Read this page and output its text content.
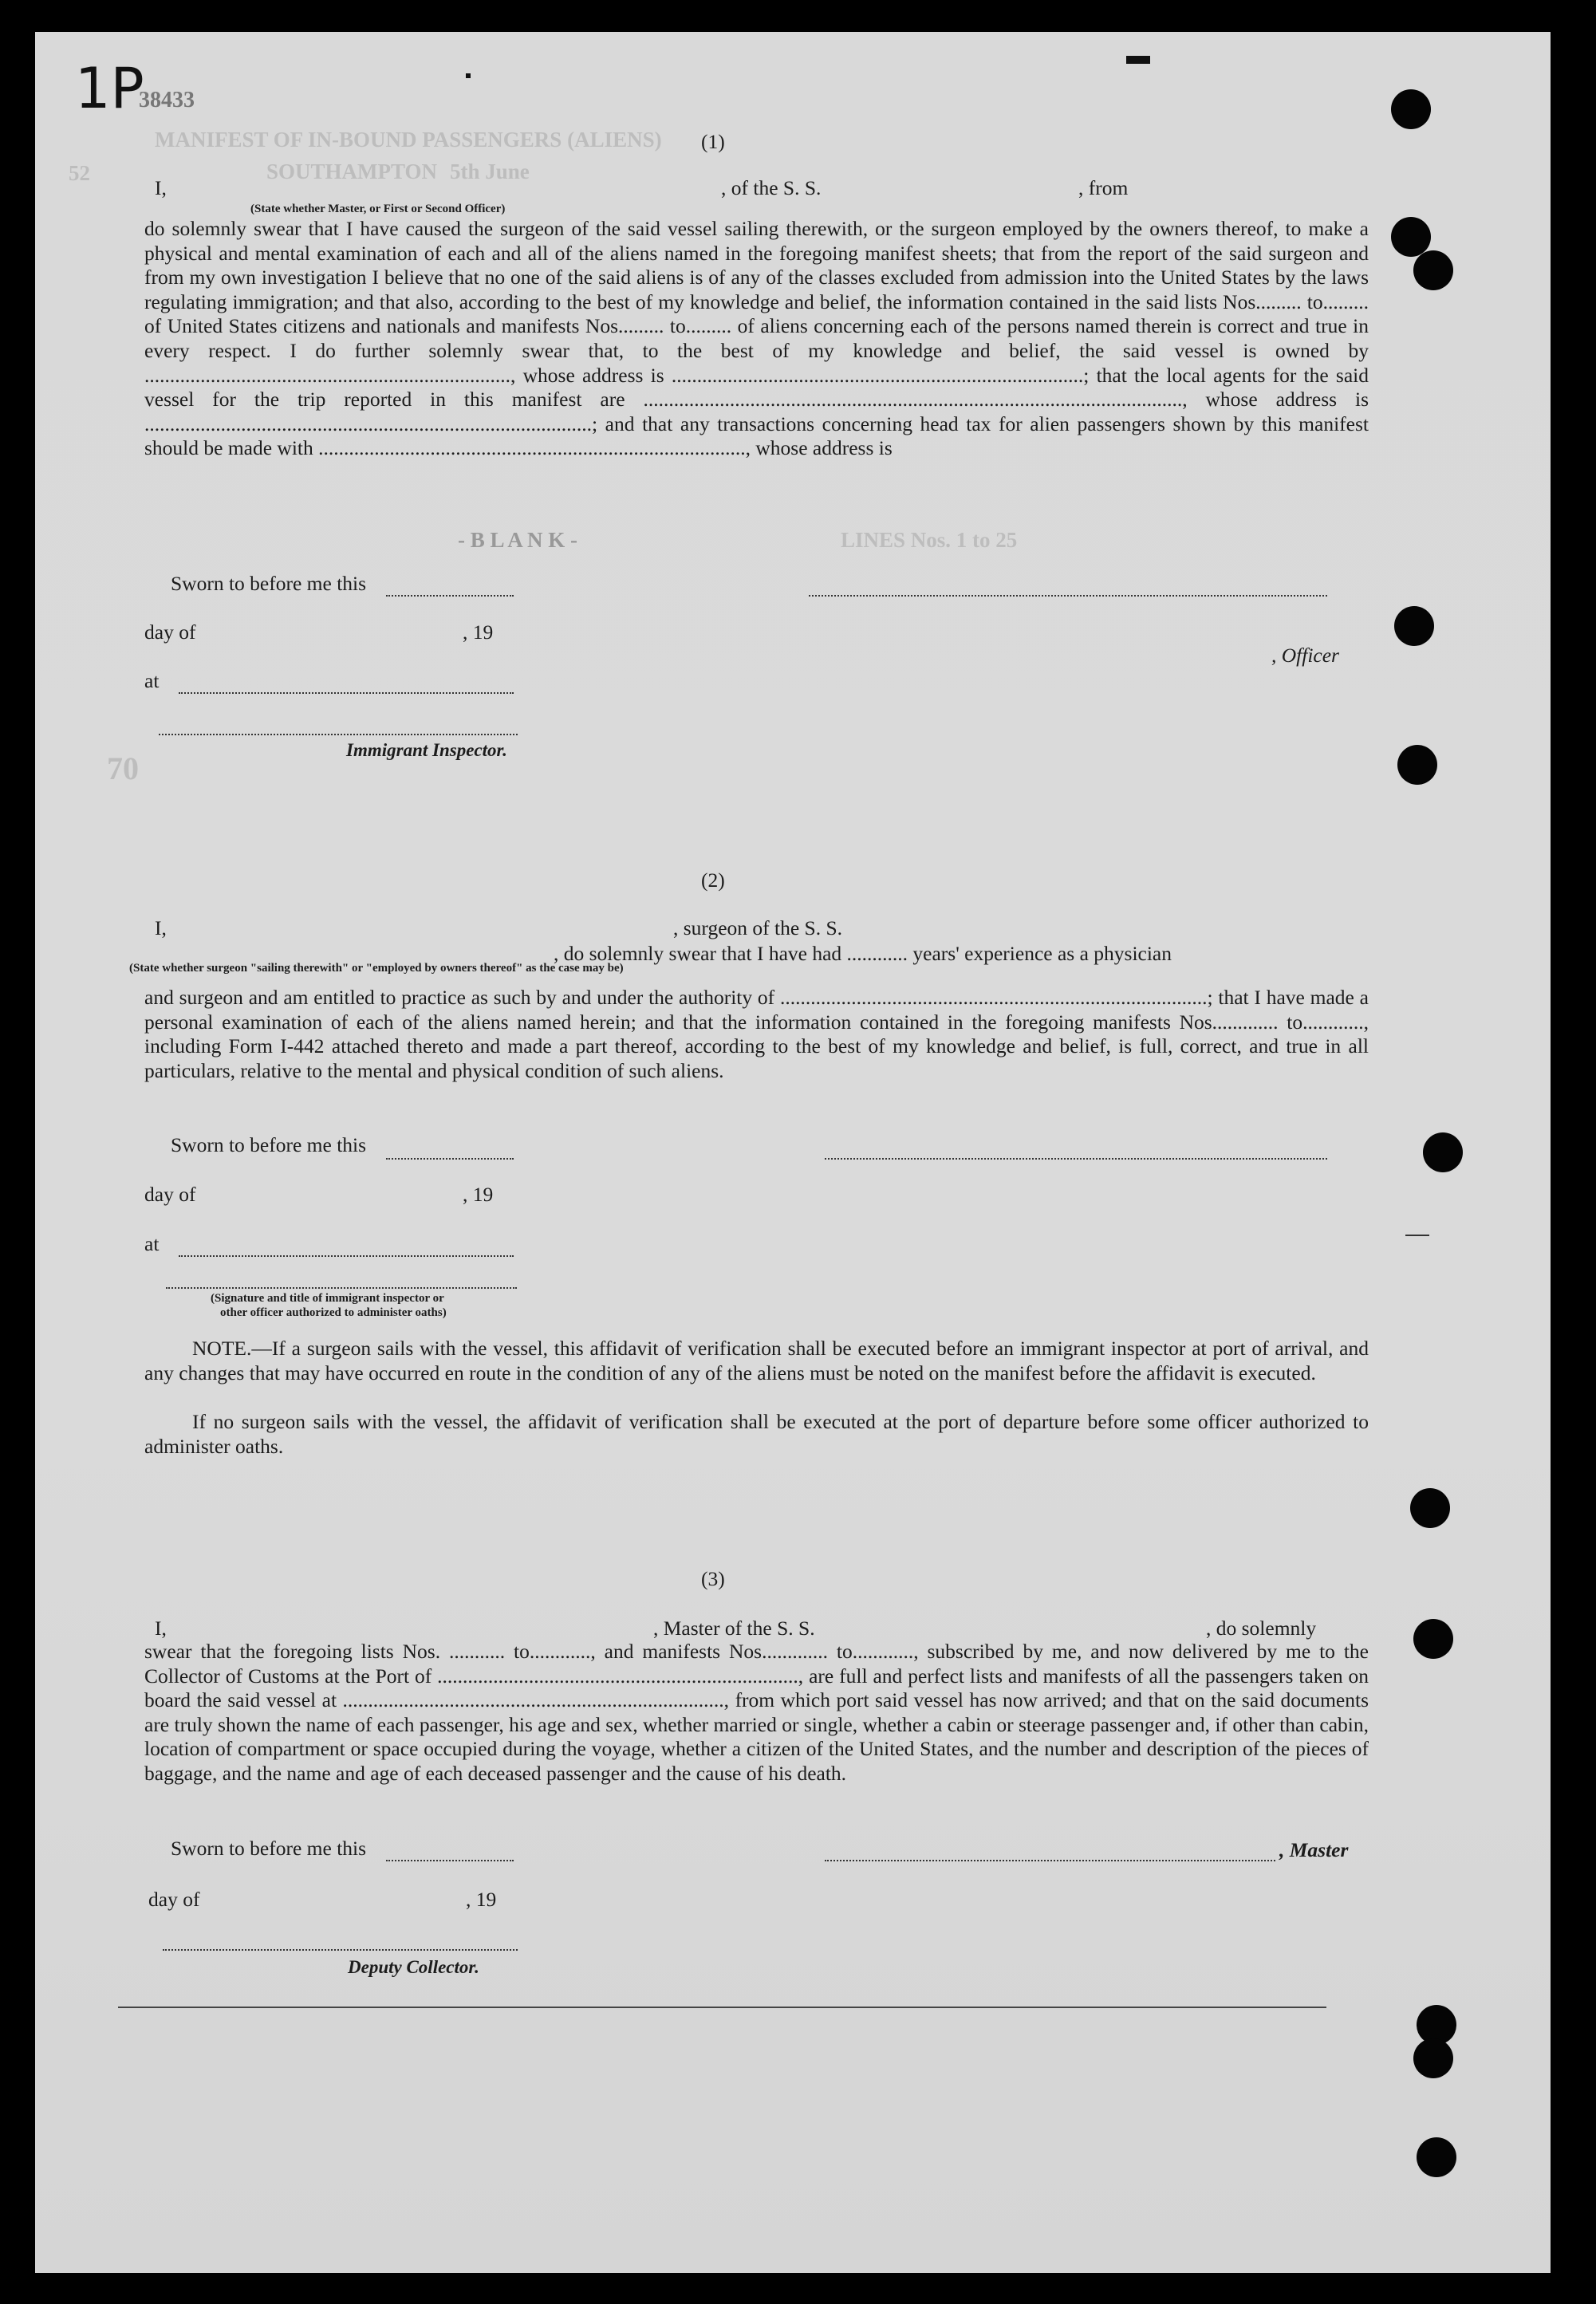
1P
38433
MANIFEST OF IN-BOUND PASSENGERS (ALIENS)
5th June
SOUTHAMPTON
52
- B L A N K -	LINES Nos. 1 to 25
70
(1)
I,	, of the S. S.	, from
(State whether Master, or First or Second Officer)

do solemnly swear that I have caused the surgeon of the said vessel sailing therewith, or the surgeon employed by the owners thereof, to make a physical and mental examination of each and all of the aliens named in the foregoing manifest sheets; that from the report of the said surgeon and from my own investigation I believe that no one of the said aliens is of any of the classes excluded from admission into the United States by the laws regulating immigration; and that also, according to the best of my knowledge and belief, the information contained in the said lists Nos......... to......... of United States citizens and nationals and manifests Nos......... to......... of aliens concerning each of the persons named therein is correct and true in every respect. I do further solemnly swear that, to the best of my knowledge and belief, the said vessel is owned by ........................................................................, whose address is .................................................................................; that the local agents for the said vessel for the trip reported in this manifest are .........................................................................................................., whose address is ........................................................................................; and that any transactions concerning head tax for alien passengers shown by this manifest should be made with ...................................................................................., whose address is

Sworn to before me this
day of	, 19
at
, Officer
Immigrant Inspector.
(2)
I,	, surgeon of the S. S.
, do solemnly swear that I have had ............ years' experience as a physician
(State whether surgeon "sailing therewith" or "employed by owners thereof" as the case may be)

and surgeon and am entitled to practice as such by and under the authority of ....................................................................................; that I have made a personal examination of each of the aliens named herein; and that the information contained in the foregoing manifests Nos............. to............, including Form I-442 attached thereto and made a part thereof, according to the best of my knowledge and belief, is full, correct, and true in all particulars, relative to the mental and physical condition of such aliens.

Sworn to before me this
day of	, 19
at
(Signature and title of immigrant inspector or
other officer authorized to administer oaths)

NOTE.—If a surgeon sails with the vessel, this affidavit of verification shall be executed before an immigrant inspector at port of arrival, and any changes that may have occurred en route in the condition of any of the aliens must be noted on the manifest before the affidavit is executed.

If no surgeon sails with the vessel, the affidavit of verification shall be executed at the port of departure before some officer authorized to administer oaths.

(3)
I,	, Master of the S. S.	, do solemnly

swear that the foregoing lists Nos. ........... to............, and manifests Nos............. to............, subscribed by me, and now delivered by me to the Collector of Customs at the Port of ......................................................................., are full and perfect lists and manifests of all the passengers taken on board the said vessel at ..........................................................................., from which port said vessel has now arrived; and that on the said documents are truly shown the name of each passenger, his age and sex, whether married or single, whether a cabin or steerage passenger and, if other than cabin, location of compartment or space occupied during the voyage, whether a citizen of the United States, and the number and description of the pieces of baggage, and the name and age of each deceased passenger and the cause of his death.

Sworn to before me this	, Master
day of	, 19
Deputy Collector.
